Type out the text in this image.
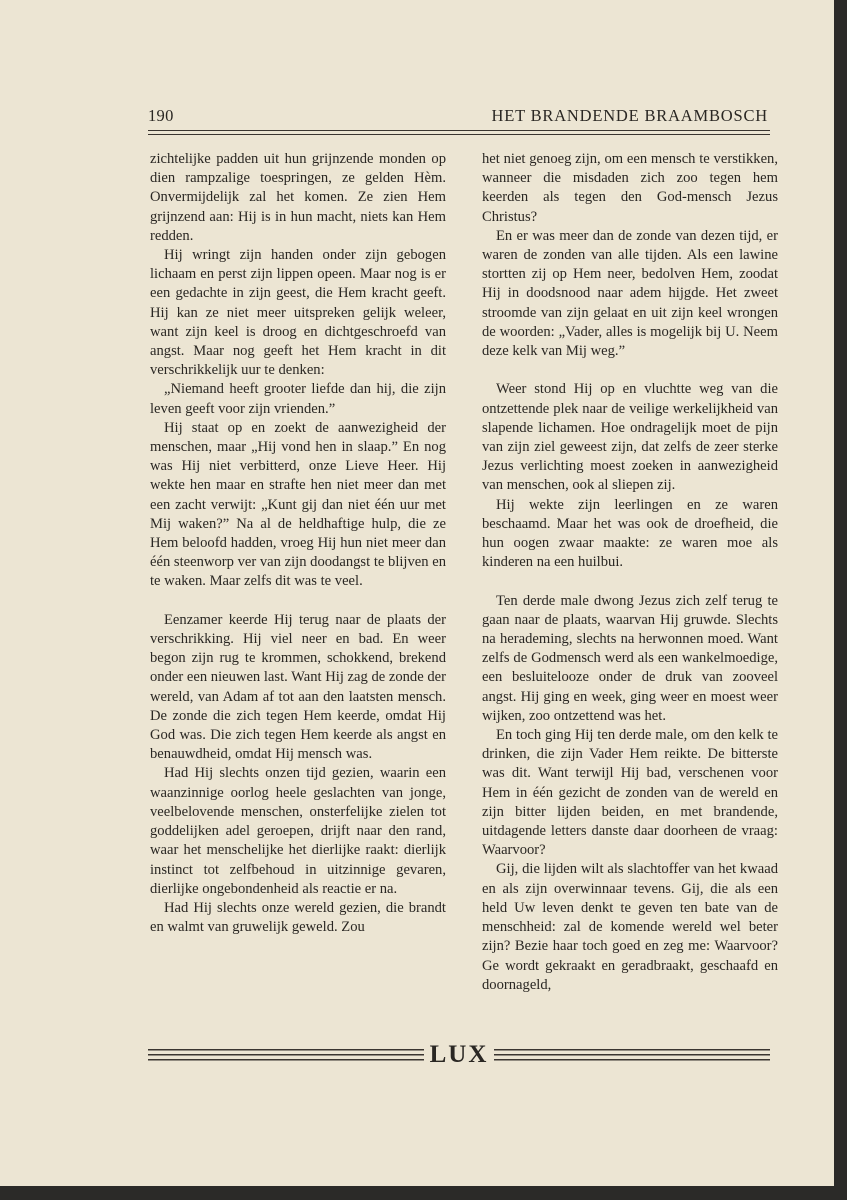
190	HET BRANDENDE BRAAMBOSCH

zichtelijke padden uit hun grijnzende monden op dien rampzalige toespringen, ze gelden Hèm. Onvermijdelijk zal het komen. Ze zien Hem grijnzend aan: Hij is in hun macht, niets kan Hem redden.

Hij wringt zijn handen onder zijn gebogen lichaam en perst zijn lippen opeen. Maar nog is er een gedachte in zijn geest, die Hem kracht geeft. Hij kan ze niet meer uitspreken gelijk weleer, want zijn keel is droog en dichtgeschroefd van angst. Maar nog geeft het Hem kracht in dit verschrikkelijk uur te denken:

„Niemand heeft grooter liefde dan hij, die zijn leven geeft voor zijn vrienden.”

Hij staat op en zoekt de aanwezigheid der menschen, maar „Hij vond hen in slaap.” En nog was Hij niet verbitterd, onze Lieve Heer. Hij wekte hen maar en strafte hen niet meer dan met een zacht verwijt: „Kunt gij dan niet één uur met Mij waken?” Na al de heldhaftige hulp, die ze Hem beloofd hadden, vroeg Hij hun niet meer dan één steenworp ver van zijn doodangst te blijven en te waken. Maar zelfs dit was te veel.

Eenzamer keerde Hij terug naar de plaats der verschrikking. Hij viel neer en bad. En weer begon zijn rug te krommen, schokkend, brekend onder een nieuwen last. Want Hij zag de zonde der wereld, van Adam af tot aan den laatsten mensch. De zonde die zich tegen Hem keerde, omdat Hij God was. Die zich tegen Hem keerde als angst en benauwdheid, omdat Hij mensch was.

Had Hij slechts onzen tijd gezien, waarin een waanzinnige oorlog heele geslachten van jonge, veelbelovende menschen, onsterfelijke zielen tot goddelijken adel geroepen, drijft naar den rand, waar het menschelijke het dierlijke raakt: dierlijk instinct tot zelfbehoud in uitzinnige gevaren, dierlijke ongebondenheid als reactie er na.

Had Hij slechts onze wereld gezien, die brandt en walmt van gruwelijk geweld. Zou

het niet genoeg zijn, om een mensch te verstikken, wanneer die misdaden zich zoo tegen hem keerden als tegen den God-mensch Jezus Christus?

En er was meer dan de zonde van dezen tijd, er waren de zonden van alle tijden. Als een lawine stortten zij op Hem neer, bedolven Hem, zoodat Hij in doodsnood naar adem hijgde. Het zweet stroomde van zijn gelaat en uit zijn keel wrongen de woorden: „Vader, alles is mogelijk bij U. Neem deze kelk van Mij weg.”

Weer stond Hij op en vluchtte weg van die ontzettende plek naar de veilige werkelijkheid van slapende lichamen. Hoe ondragelijk moet de pijn van zijn ziel geweest zijn, dat zelfs de zeer sterke Jezus verlichting moest zoeken in aanwezigheid van menschen, ook al sliepen zij.

Hij wekte zijn leerlingen en ze waren beschaamd. Maar het was ook de droefheid, die hun oogen zwaar maakte: ze waren moe als kinderen na een huilbui.

Ten derde male dwong Jezus zich zelf terug te gaan naar de plaats, waarvan Hij gruwde. Slechts na herademing, slechts na herwonnen moed. Want zelfs de Godmensch werd als een wankelmoedige, een besluitelooze onder de druk van zooveel angst. Hij ging en week, ging weer en moest weer wijken, zoo ontzettend was het.

En toch ging Hij ten derde male, om den kelk te drinken, die zijn Vader Hem reikte. De bitterste was dit. Want terwijl Hij bad, verschenen voor Hem in één gezicht de zonden van de wereld en zijn bitter lijden beiden, en met brandende, uitdagende letters danste daar doorheen de vraag: Waarvoor?

Gij, die lijden wilt als slachtoffer van het kwaad en als zijn overwinnaar tevens. Gij, die als een held Uw leven denkt te geven ten bate van de menschheid: zal de komende wereld wel beter zijn? Bezie haar toch goed en zeg me: Waarvoor? Ge wordt gekraakt en geradbraakt, geschaafd en doornageld,

LUX
